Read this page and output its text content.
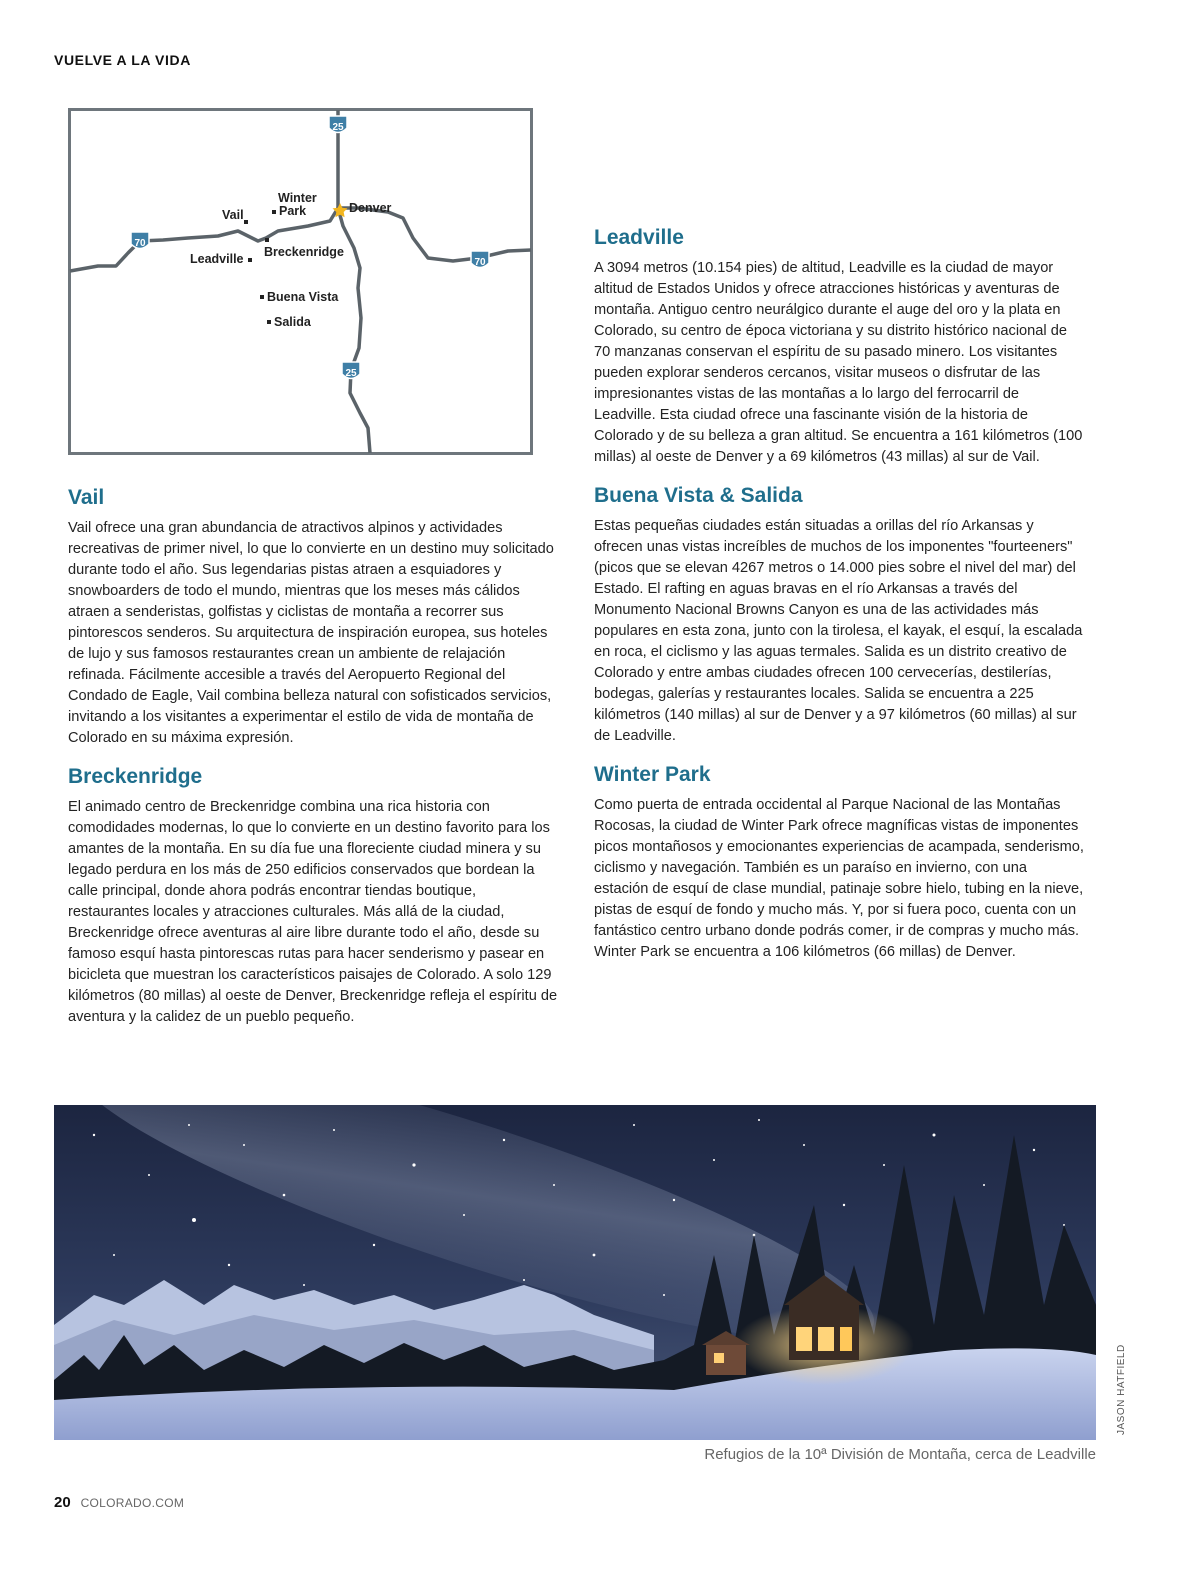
VUELVE A LA VIDA
25
25
70
70
Winter
Park	Denver
Vail
Breckenridge
Leadville
Buena Vista
Salida
Vail

Vail ofrece una gran abundancia de atractivos alpinos y actividades recreativas de primer nivel, lo que lo convierte en un destino muy solicitado durante todo el año. Sus legendarias pistas atraen a esquiadores y snowboarders de todo el mundo, mientras que los meses más cálidos atraen a senderistas, golfistas y ciclistas de montaña a recorrer sus pintorescos senderos. Su arquitectura de inspiración europea, sus hoteles de lujo y sus famosos restaurantes crean un ambiente de relajación refinada. Fácilmente accesible a través del Aeropuerto Regional del Condado de Eagle, Vail combina belleza natural con sofisticados servicios, invitando a los visitantes a experimentar el estilo de vida de montaña de Colorado en su máxima expresión.

Breckenridge

El animado centro de Breckenridge combina una rica historia con comodidades modernas, lo que lo convierte en un destino favorito para los amantes de la montaña. En su día fue una floreciente ciudad minera y su legado perdura en los más de 250 edificios conservados que bordean la calle principal, donde ahora podrás encontrar tiendas boutique, restaurantes locales y atracciones culturales. Más allá de la ciudad, Breckenridge ofrece aventuras al aire libre durante todo el año, desde su famoso esquí hasta pintorescas rutas para hacer senderismo y pasear en bicicleta que muestran los característicos paisajes de Colorado. A solo 129 kilómetros (80 millas) al oeste de Denver, Breckenridge refleja el espíritu de aventura y la calidez de un pueblo pequeño.

Leadville

A 3094 metros (10.154 pies) de altitud, Leadville es la ciudad de mayor altitud de Estados Unidos y ofrece atracciones históricas y aventuras de montaña. Antiguo centro neurálgico durante el auge del oro y la plata en Colorado, su centro de época victoriana y su distrito histórico nacional de 70 manzanas conservan el espíritu de su pasado minero. Los visitantes pueden explorar senderos cercanos, visitar museos o disfrutar de las impresionantes vistas de las montañas a lo largo del ferrocarril de Leadville. Esta ciudad ofrece una fascinante visión de la historia de Colorado y de su belleza a gran altitud. Se encuentra a 161 kilómetros (100 millas) al oeste de Denver y a 69 kilómetros (43 millas) al sur de Vail.

Buena Vista & Salida

Estas pequeñas ciudades están situadas a orillas del río Arkansas y ofrecen unas vistas increíbles de muchos de los imponentes "fourteeners" (picos que se elevan 4267 metros o 14.000 pies sobre el nivel del mar) del Estado. El rafting en aguas bravas en el río Arkansas a través del Monumento Nacional Browns Canyon es una de las actividades más populares en esta zona, junto con la tirolesa, el kayak, el esquí, la escalada en roca, el ciclismo y las aguas termales. Salida es un distrito creativo de Colorado y entre ambas ciudades ofrecen 100 cervecerías, destilerías, bodegas, galerías y restaurantes locales. Salida se encuentra a 225 kilómetros (140 millas) al sur de Denver y a 97 kilómetros (60 millas) al sur de Leadville.

Winter Park

Como puerta de entrada occidental al Parque Nacional de las Montañas Rocosas, la ciudad de Winter Park ofrece magníficas vistas de imponentes picos montañosos y emocionantes experiencias de acampada, senderismo, ciclismo y navegación. También es un paraíso en invierno, con una estación de esquí de clase mundial, patinaje sobre hielo, tubing en la nieve, pistas de esquí de fondo y mucho más. Y, por si fuera poco, cuenta con un fantástico centro urbano donde podrás comer, ir de compras y mucho más. Winter Park se encuentra a 106 kilómetros (66 millas) de Denver.

JASON HATFIELD
Refugios de la 10ª División de Montaña, cerca de Leadville
20 COLORADO.COM
